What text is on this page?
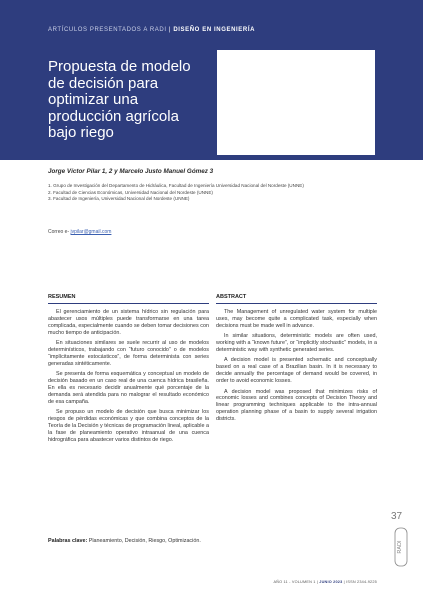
ARTÍCULOS PRESENTADOS A RADI | DISEÑO EN INGENIERÍA
Propuesta de modelo de decisión para optimizar una producción agrícola bajo riego
Jorge Víctor Pilar 1, 2 y Marcelo Justo Manuel Gómez 3

1. Grupo de Investigación del Departamento de Hidráulica, Facultad de Ingeniería Universidad Nacional del Nordeste (UNNE)

2. Facultad de Ciencias Económicas, Universidad Nacional del Nordeste (UNNE)

3. Facultad de Ingeniería, Universidad Nacional del Nordeste (UNNE)

Correo e- jvpilar@gmail.com
RESUMEN	ABSTRACT

El gerenciamiento de un sistema hídrico sin regulación para abastecer usos múltiples puede transformarse en una tarea complicada, especialmente cuando se deben tomar decisiones con mucho tiempo de anticipación.

En situaciones similares se suele recurrir al uso de modelos determinísticos, trabajando con “futuro conocido” o de modelos “implícitamente estocásticos”, de forma determinista con series generadas sintéticamente.

Se presenta de forma esquemática y conceptual un modelo de decisión basado en un caso real de una cuenca hídrica brasileña. En ella es necesario decidir anualmente qué porcentaje de la demanda será atendida para no malograr el resultado económico de esa campaña.

Se propuso un modelo de decisión que busca minimizar los riesgos de pérdidas económicas y que combina conceptos de la Teoría de la Decisión y técnicas de programación lineal, aplicable a la fase de planeamiento operativo intraanual de una cuenca hidrográfica para abastecer varios distintos de riego.

The Management of unregulated water system for multiple uses, may become quite a complicated task, especially when decisions must be made well in advance.

In similar situations, deterministic models are often used, working with a “known future”, or “implicitly stochastic” models, in a deterministic way with synthetic generated series.

A decision model is presented schematic and conceptually based on a real case of a Brazilian basin. In it is necessary to decide annually the percentage of demand would be covered, in order to avoid economic losses.

A decision model was proposed that minimizes risks of economic losses and combines concepts of Decision Theory and linear programming techniques applicable to the intra-annual operation planning phase of a basin to supply several irrigation districts.

37
RADI
Palabras clave: Planeamiento, Decisión, Riesgo, Optimización.
AÑO 11 - VOLUMEN 1 | JUNIO 2023 | ISSN 2344-9225
